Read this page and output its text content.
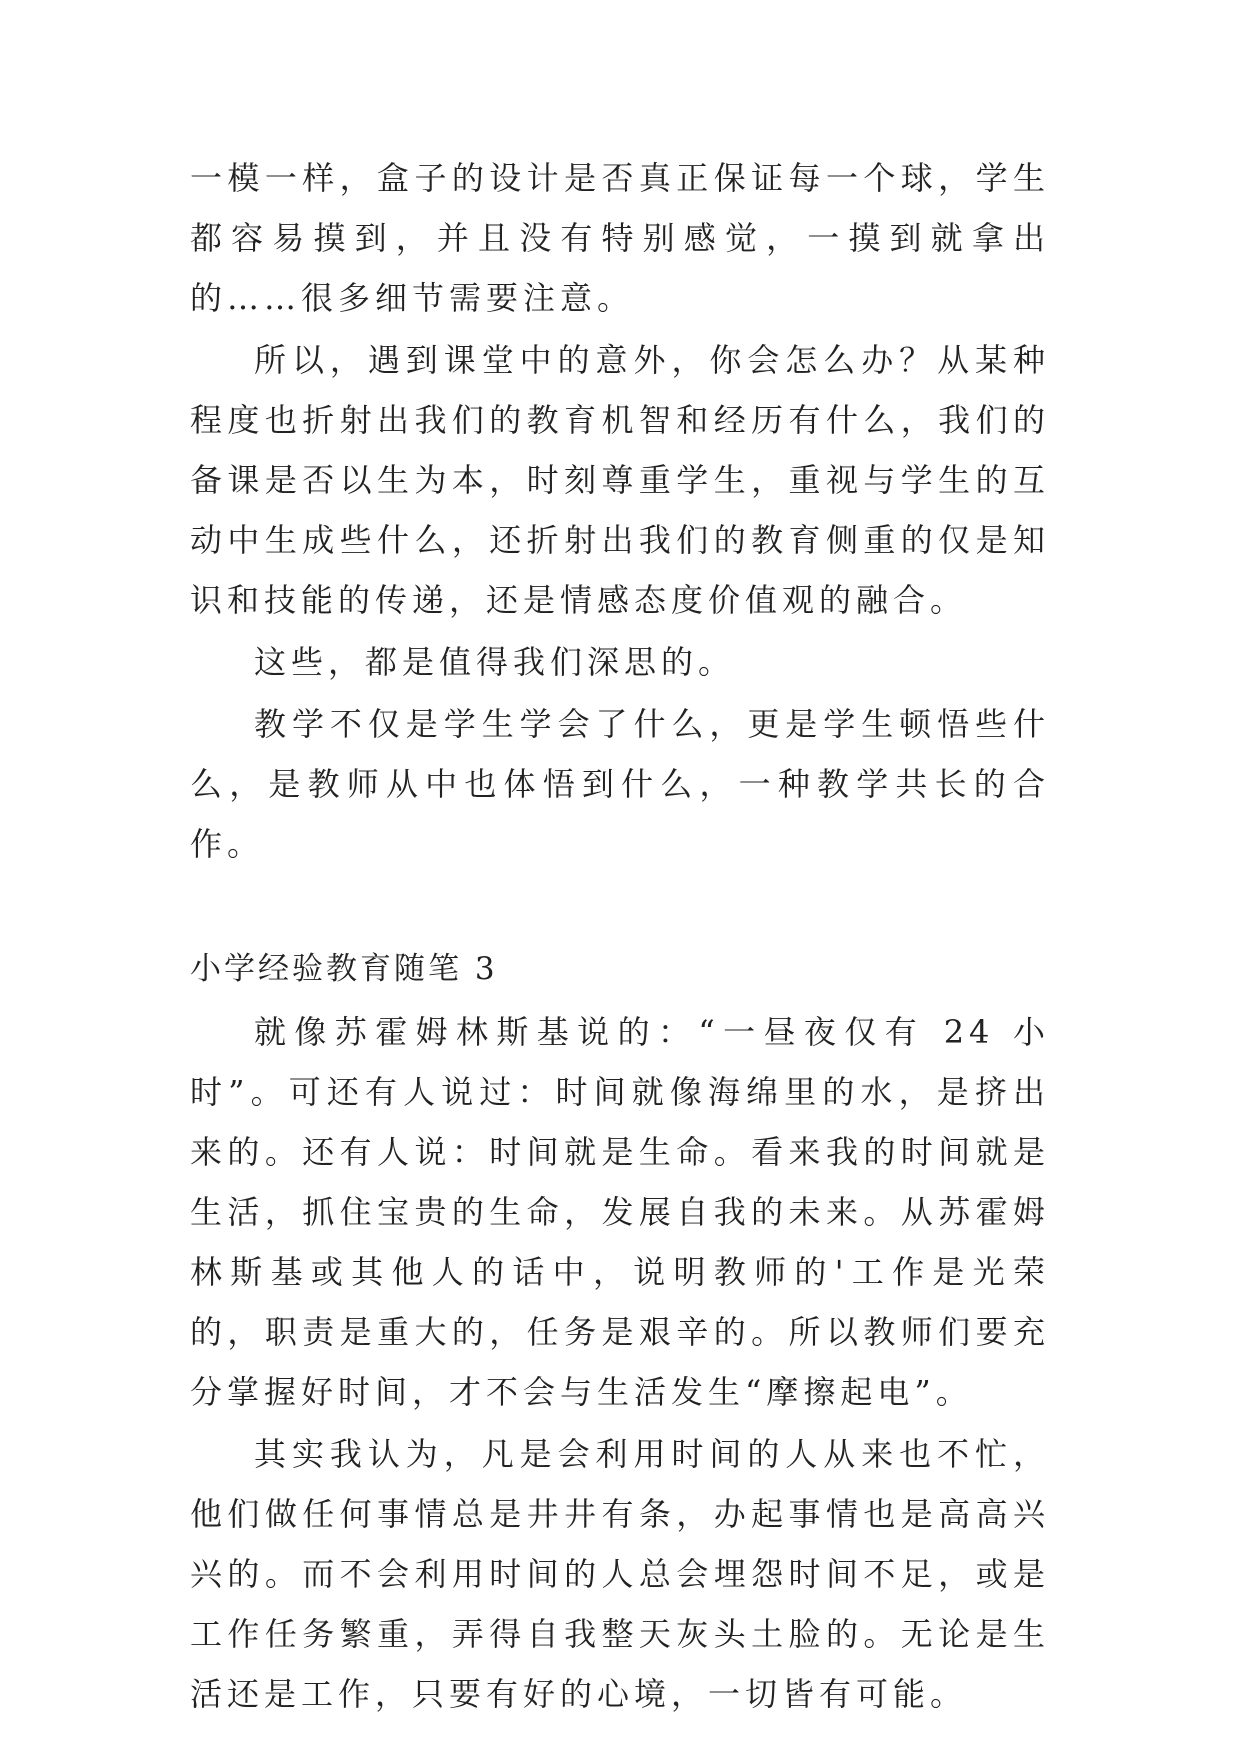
一模一样，盒子的设计是否真正保证每一个球，学生都容易摸到，并且没有特别感觉，一摸到就拿出的……很多细节需要注意。

所以，遇到课堂中的意外，你会怎么办？从某种程度也折射出我们的教育机智和经历有什么，我们的备课是否以生为本，时刻尊重学生，重视与学生的互动中生成些什么，还折射出我们的教育侧重的仅是知识和技能的传递，还是情感态度价值观的融合。

这些，都是值得我们深思的。

教学不仅是学生学会了什么，更是学生顿悟些什么，是教师从中也体悟到什么，一种教学共长的合作。

小学经验教育随笔 3

就像苏霍姆林斯基说的：“一昼夜仅有 24 小时”。可还有人说过：时间就像海绵里的水，是挤出来的。还有人说：时间就是生命。看来我的时间就是生活，抓住宝贵的生命，发展自我的未来。从苏霍姆林斯基或其他人的话中，说明教师的'工作是光荣的，职责是重大的，任务是艰辛的。所以教师们要充分掌握好时间，才不会与生活发生“摩擦起电”。

其实我认为，凡是会利用时间的人从来也不忙，他们做任何事情总是井井有条，办起事情也是高高兴兴的。而不会利用时间的人总会埋怨时间不足，或是工作任务繁重，弄得自我整天灰头土脸的。无论是生活还是工作，只要有好的心境，一切皆有可能。
